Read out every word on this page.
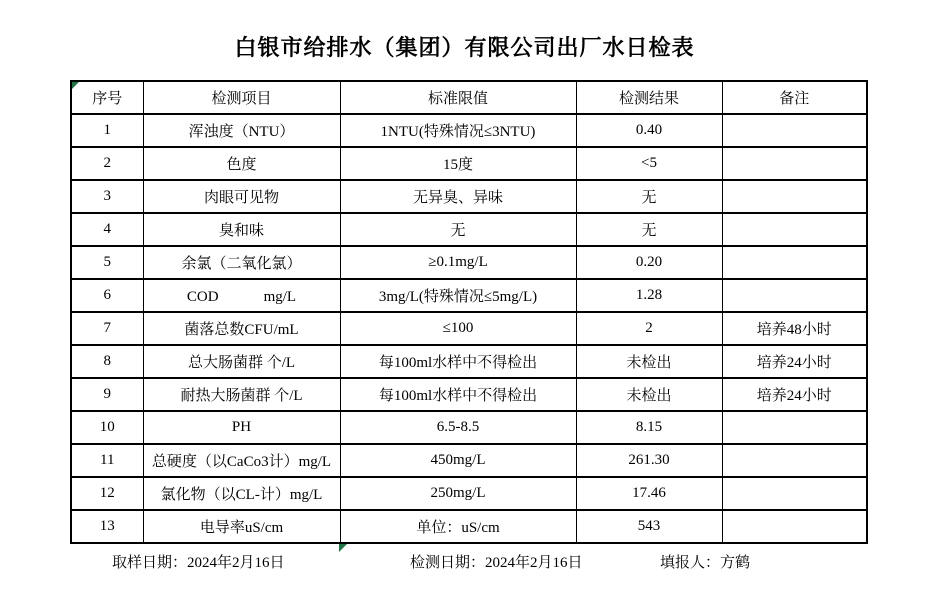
白银市给排水（集团）有限公司出厂水日检表
序号	检测项目	标准限值	检测结果	备注
1	浑浊度（NTU）	1NTU(特殊情况≤3NTU)	0.40	
2	色度	15度	<5	
3	肉眼可见物	无异臭、异味	无	
4	臭和味	无	无	
5	余氯（二氧化氯）	≥0.1mg/L	0.20	
6	COD　　　mg/L	3mg/L(特殊情况≤5mg/L)	1.28	
7	菌落总数CFU/mL	≤100	2	培养48小时
8	总大肠菌群 个/L	每100ml水样中不得检出	未检出	培养24小时
9	耐热大肠菌群 个/L	每100ml水样中不得检出	未检出	培养24小时
10	PH	6.5-8.5	8.15	
11	总硬度（以CaCo3计）mg/L	450mg/L	261.30	
12	氯化物（以CL-计）mg/L	250mg/L	17.46	
13	电导率uS/cm	单位：uS/cm	543	
取样日期：2024年2月16日	检测日期：2024年2月16日	填报人：方鹤
